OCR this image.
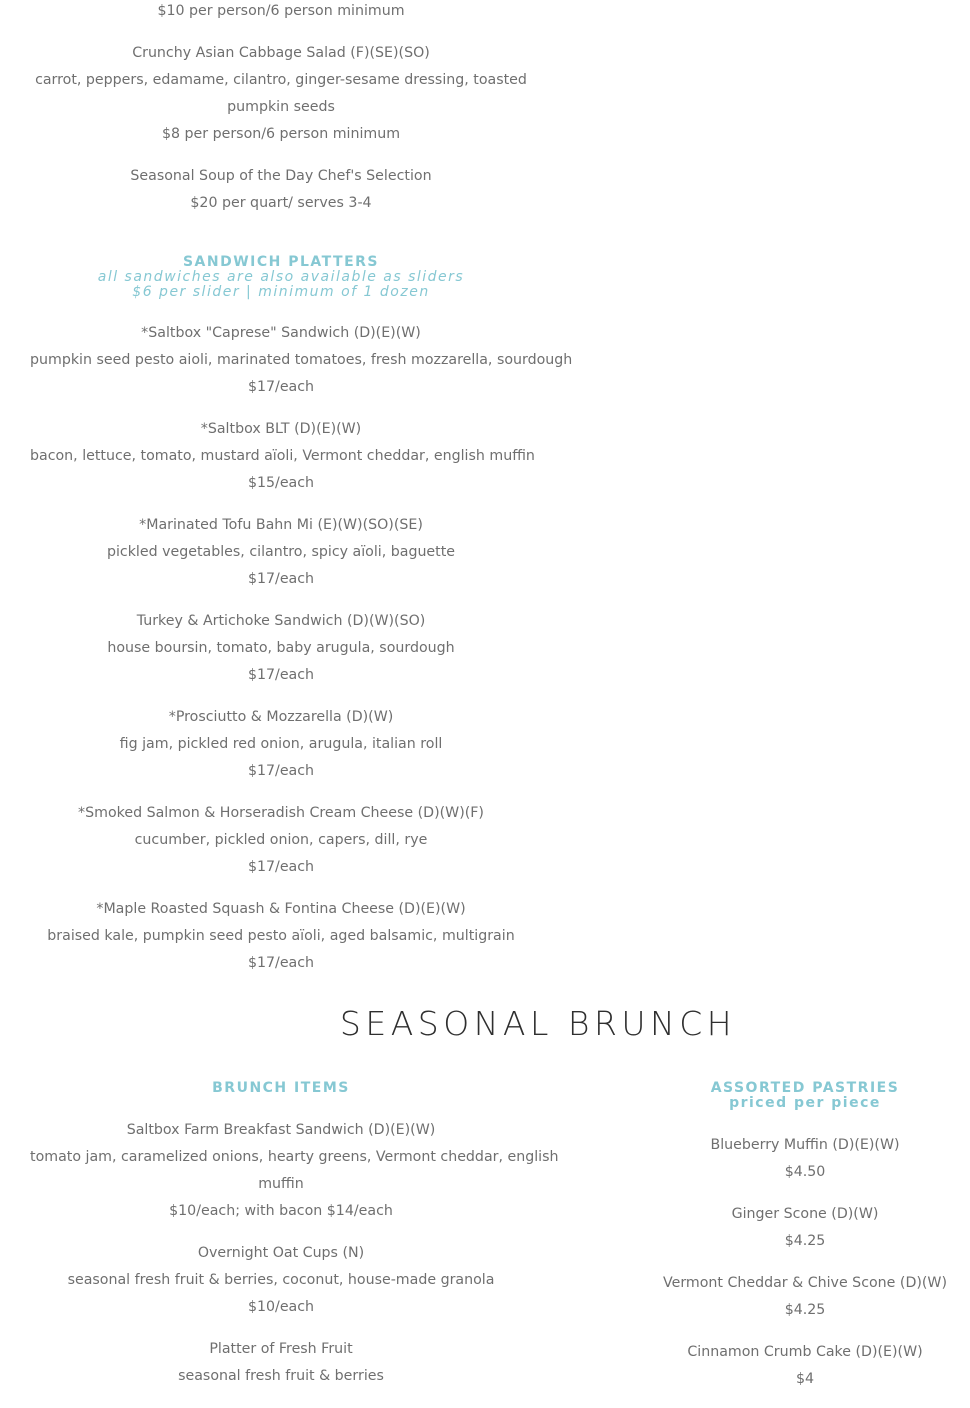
$10 per person/6 person minimum
Crunchy Asian Cabbage Salad (F)(SE)(SO)
carrot, peppers, edamame, cilantro, ginger-sesame dressing, toasted
pumpkin seeds
$8 per person/6 person minimum
Seasonal Soup of the Day Chef's Selection
$20 per quart/ serves 3-4
SANDWICH PLATTERS
all sandwiches are also available as sliders
$6 per slider | minimum of 1 dozen
*Saltbox "Caprese" Sandwich (D)(E)(W)
pumpkin seed pesto aioli, marinated tomatoes, fresh mozzarella, sourdough
$17/each
*Saltbox BLT (D)(E)(W)
bacon, lettuce, tomato, mustard aïoli, Vermont cheddar, english muffin
$15/each
*Marinated Tofu Bahn Mi (E)(W)(SO)(SE)
pickled vegetables, cilantro, spicy aïoli, baguette
$17/each
Turkey & Artichoke Sandwich (D)(W)(SO)
house boursin, tomato, baby arugula, sourdough
$17/each
*Prosciutto & Mozzarella (D)(W)
fig jam, pickled red onion, arugula, italian roll
$17/each
*Smoked Salmon & Horseradish Cream Cheese (D)(W)(F)
cucumber, pickled onion, capers, dill, rye
$17/each
*Maple Roasted Squash & Fontina Cheese (D)(E)(W)
braised kale, pumpkin seed pesto aïoli, aged balsamic, multigrain
$17/each
SEASONAL BRUNCH
BRUNCH ITEMS
Saltbox Farm Breakfast Sandwich (D)(E)(W)
tomato jam, caramelized onions, hearty greens, Vermont cheddar, english
muffin
$10/each; with bacon $14/each
Overnight Oat Cups (N)
seasonal fresh fruit & berries, coconut, house-made granola
$10/each
Platter of Fresh Fruit
seasonal fresh fruit & berries
ASSORTED PASTRIES
priced per piece
Blueberry Muffin (D)(E)(W)
$4.50
Ginger Scone (D)(W)
$4.25
Vermont Cheddar & Chive Scone (D)(W)
$4.25
Cinnamon Crumb Cake (D)(E)(W)
$4
